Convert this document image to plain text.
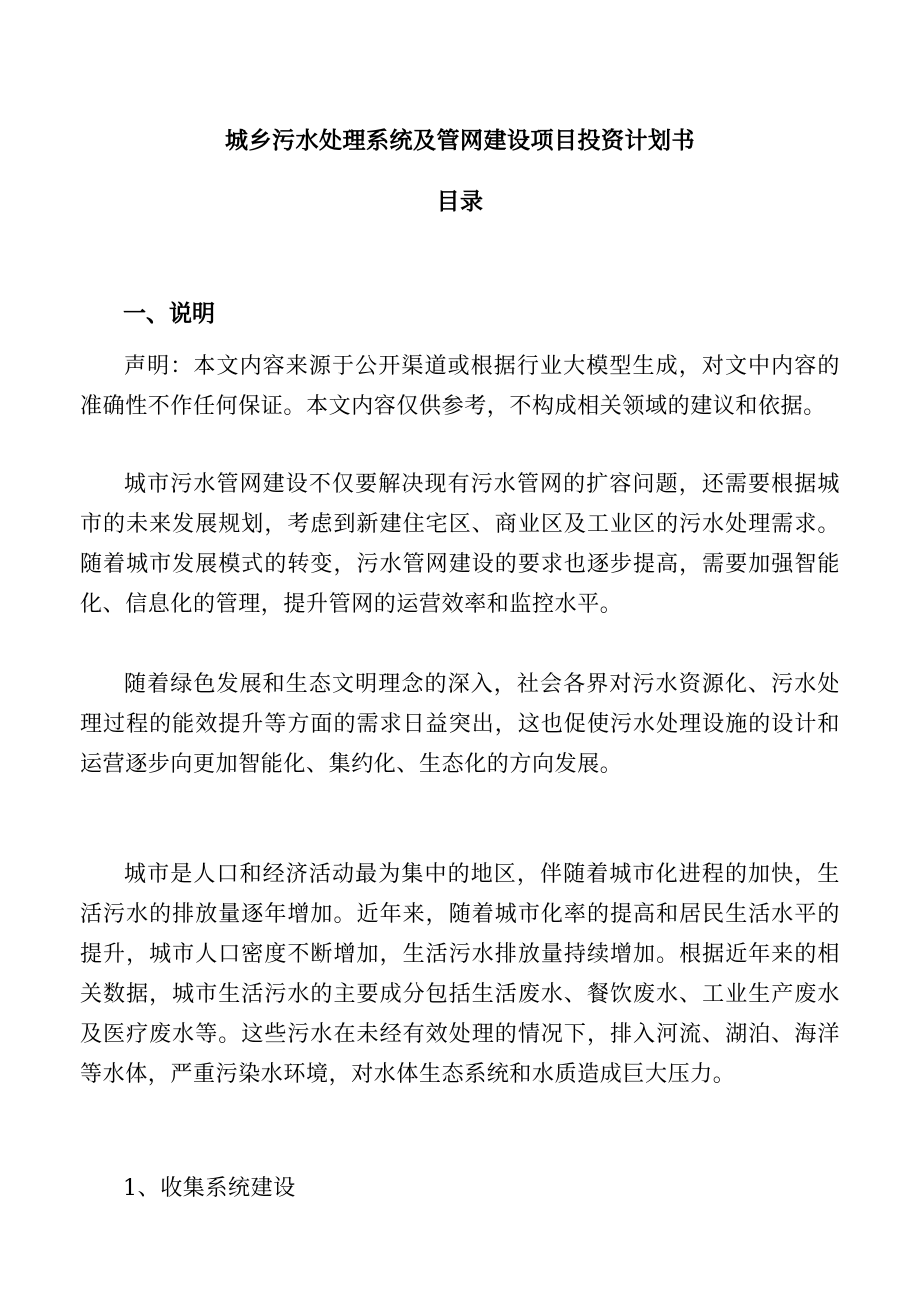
城乡污水处理系统及管网建设项目投资计划书
目录
一、说明

声明：本文内容来源于公开渠道或根据行业大模型生成，对文中内容的准确性不作任何保证。本文内容仅供参考，不构成相关领域的建议和依据。

城市污水管网建设不仅要解决现有污水管网的扩容问题，还需要根据城市的未来发展规划，考虑到新建住宅区、商业区及工业区的污水处理需求。随着城市发展模式的转变，污水管网建设的要求也逐步提高，需要加强智能化、信息化的管理，提升管网的运营效率和监控水平。

随着绿色发展和生态文明理念的深入，社会各界对污水资源化、污水处理过程的能效提升等方面的需求日益突出，这也促使污水处理设施的设计和运营逐步向更加智能化、集约化、生态化的方向发展。

城市是人口和经济活动最为集中的地区，伴随着城市化进程的加快，生活污水的排放量逐年增加。近年来，随着城市化率的提高和居民生活水平的提升，城市人口密度不断增加，生活污水排放量持续增加。根据近年来的相关数据，城市生活污水的主要成分包括生活废水、餐饮废水、工业生产废水及医疗废水等。这些污水在未经有效处理的情况下，排入河流、湖泊、海洋等水体，严重污染水环境，对水体生态系统和水质造成巨大压力。

1、收集系统建设
